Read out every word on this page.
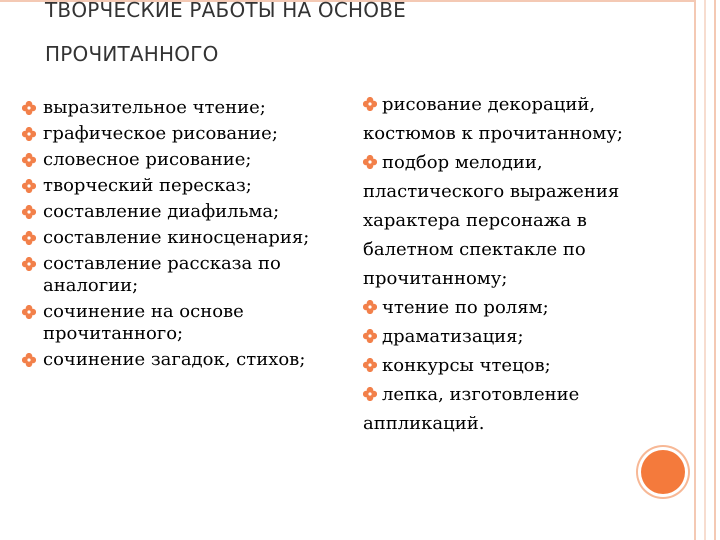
ТВОРЧЕСКИЕ РАБОТЫ НА ОСНОВЕ
ПРОЧИТАННОГО
выразительное чтение;
графическое рисование;
словесное рисование;
творческий пересказ;
составление диафильма;
составление киносценария;
составление рассказа по аналогии;
сочинение на основе прочитанного;
сочинение загадок, стихов;

рисование декораций,

костюмов к прочитанному;

подбор мелодии,

пластического выражения

характера персонажа в

балетном спектакле по

прочитанному;

чтение по ролям;

драматизация;

конкурсы чтецов;

лепка, изготовление

аппликаций.
